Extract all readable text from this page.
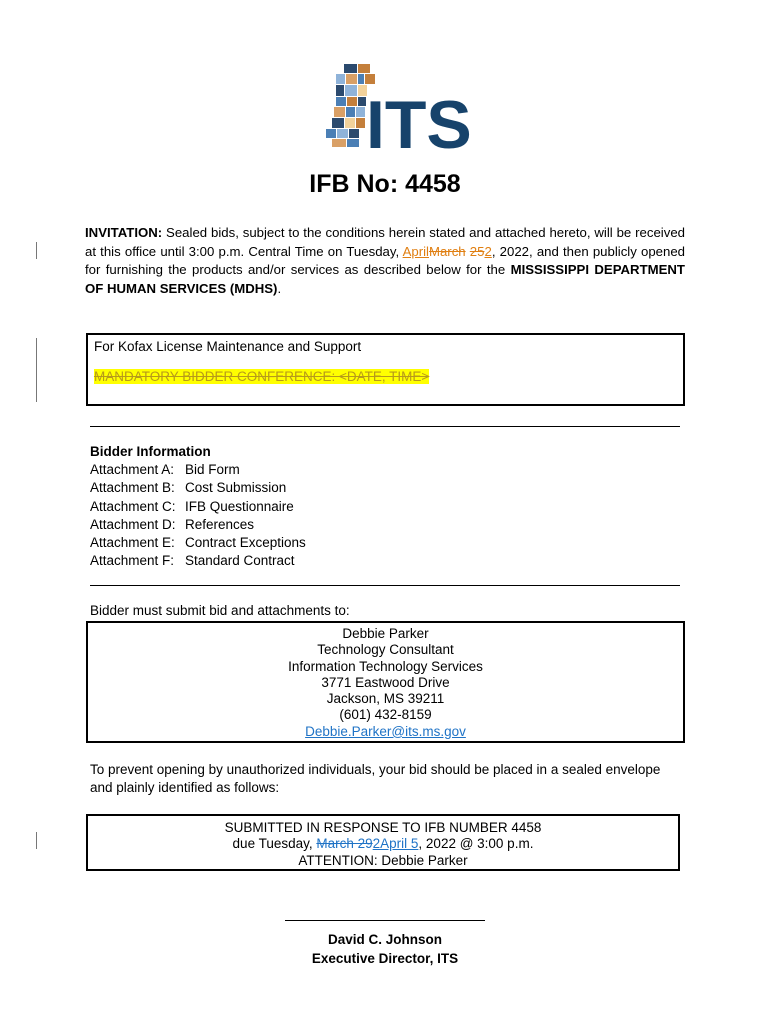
ITS
IFB No: 4458
INVITATION: Sealed bids, subject to the conditions herein stated and attached hereto, will be received at this office until 3:00 p.m. Central Time on Tuesday, AprilMarch 252, 2022, and then publicly opened for furnishing the products and/or services as described below for the MISSISSIPPI DEPARTMENT OF HUMAN SERVICES (MDHS).
For Kofax License Maintenance and Support
MANDATORY BIDDER CONFERENCE: <DATE, TIME>
Bidder Information
Attachment A: Bid Form
Attachment B: Cost Submission
Attachment C: IFB Questionnaire
Attachment D: References
Attachment E: Contract Exceptions
Attachment F: Standard Contract
Bidder must submit bid and attachments to:
Debbie Parker
Technology Consultant
Information Technology Services
3771 Eastwood Drive
Jackson, MS 39211
(601) 432-8159
Debbie.Parker@its.ms.gov
To prevent opening by unauthorized individuals, your bid should be placed in a sealed envelope and plainly identified as follows:
SUBMITTED IN RESPONSE TO IFB NUMBER 4458
due Tuesday, March 292April 5, 2022 @ 3:00 p.m.
ATTENTION: Debbie Parker
David C. Johnson
Executive Director, ITS
